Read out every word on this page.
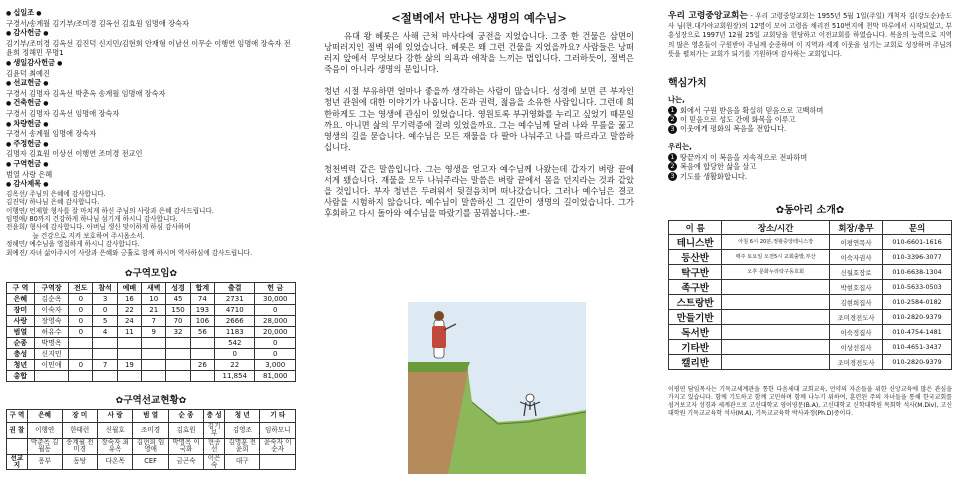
● 십일조 ●
구경서/송계월 김기부/조미경 김옥선 김효원 임명애 장숙자
● 감사헌금 ●
김기부/조미경 김옥선 김진덕 신지민/김현희 안재형 이남선 이무순 이행연 임명애 장숙자 전윤희 정해민 무명1
● 생일감사헌금 ●
김윤덕 최예진
● 선교헌금 ●
구경서 김명자 김옥선 박춘옥 송계월 임명애 장숙자
● 건축헌금 ●
구경서 김명자 김옥선 임명애 장숙자
● 차량헌금 ●
구경서 송계월 임명애 장숙자
● 주정헌금 ●
김명자 김효원 이상선 이행연 조미경 전교인
● 구역헌금 ●
범열 사랑 은혜
● 감사제목 ●
김옥선/ 주님의 은혜에 감사합니다.
김진덕/ 하나님 은혜 감사합니다.
이행연/ 언제할 형사를 잘 마치게 하신 주님의 사랑과 은혜 감사드립니다.
임명애/ 80까지 건강하게 하나님 섬기게 하시니 감사합니다.
전윤희/ 형사에 감사합니다. 아버님 생신 맞이하게 하심 감사하며
　　　　늘 건강으로 지켜 보호하여 주시옵소서.
정해민/ 예수님을 영접하게 하시니 감사합니다.
최예진/ 자녀 삶아주시어 사랑과 은혜와 긍휼로 함께 하시며 역사하심에 감사드립니다.
✿구역모임✿
구 역	구역장	전도	참석	예배	새벽	성경	합계	출결	헌 금
은혜	김순옥	0	3	16	10	45	74	2731	30,000
장미	이숙자	0	0	22	21	150	193	4710	0
사랑	장영숙	0	5	24	7	70	106	2666	28,000
범열	허유수	0	4	11	9	32	56	1183	20,000
순종	박명옥							542	0
충성	신지민							0	0
청년	이민애	0	7	19			26	22	3,000
총합								11,854	81,000
✿구역선교현황✿
구 역	은혜	장 미	사 랑	범 열	순 종	충 성	청 년	기 타
권 찰	이행연	한태런	신월호	조미경	김효원	김기부	김영조	임하모니
	박춘옥 김월동	송계월 전미경	장숙자 최유옥	김현희 임영애	박명옥 이국화	현종선	김명훈 전윤희	윤숙자 이순자
선교지	몽부	동탕	다온목	CEF	금곤숙	이은숙	대구	
<절벽에서 만나는 생명의 예수님>

유대 왕 헤롯은 사해 근처 마사다에 궁전을 지었습니다. 그중 한 건물은 삼면이 낭떠러지인 절벽 위에 있었습니다. 헤롯은 왜 그런 건물을 지었을까요? 사람들은 낭떠러지 앞에서 무엇보다 강한 삶의 의욕과 애착을 느끼는 법입니다. 그러하듯이, 절벽은 죽음이 아니라 생명의 문입니다.

청년 시절 부유하면 얼마나 좋을까 생각하는 사람이 많습니다. 성경에 보면 큰 부자인 청년 관원에 대한 이야기가 나옵니다. 돈과 권력, 젊음을 소유한 사람입니다. 그런데 희한하게도 그는 영생에 관심이 있었습니다. 영원토록 부귀영화를 누리고 싶었기 때문일까요. 아니면 삶의 무기력증에 걸려 있었을까요. 그는 예수님께 달려 나와 무릎을 꿇고 영생의 길을 묻습니다. 예수님은 모든 재물을 다 팔아 나눠주고 나를 따르라고 말씀하십니다.

청천벽력 같은 말씀입니다. 그는 영생을 얻고자 예수님께 나왔는데 갑자기 벼랑 끝에 서게 됐습니다. 재물을 모두 나눠주라는 말씀은 벼랑 끝에서 몸을 던지라는 것과 같았을 것입니다. 부자 청년은 두려워서 뒷걸음치며 떠나갔습니다. 그러나 예수님은 결코 사람을 시험하지 않습니다. 예수님이 말씀하신 그 길만이 생명의 길이었습니다. 그가 후회하고 다시 돌아와 예수님을 따랐기를 꿈꿔봅니다.-뽀-

우리 고령중앙교회는 - 우리 고령중앙교회는 1955년 5월 1일(주일) 개척자 김(강도순)송도사 님(현.대가야교회원장)의 12명이 모여 고령읍 채리전 510번지에 천막 마루에서 시작되었고, 부흥성장으로 1997년 12월 25일 교회당을 헌당하고 이전교회를 하였습니다. 복음의 능력으로 지역의 많은 영혼들이 구원받아 주님께 순종하며 이 지역과 세계 이웃을 섬기는 교회로 성장하며 주님의 뜻을 펼쳐가는 교회가 되기를 기원하며 감사하는 교회입니다.
핵심가치
나는,
1 회에서 구원 받음을 확실히 믿음으로 고백하며
2 이 믿음으로 성도 간에 화목을 이루고
3 이웃에게 평화의 복음을 전합니다.
우리는,
1 땅끝까지 이 복음을 지속적으로 전파하며
2 복음에 합당한 삶을 살고
3 기도를 생활화합니다.
✿동아리 소개✿
이 름	장소/시간	회장/총무	문의
테니스반	아침 6시 20분,정왕중앙테니스장	이평연목사	010-6601-1616
등산반	매주 토요일 오전5시 교회출발,부산	이숙자권사	010-3396-3077
탁구반	오후 문화누리탁구동호회	신월호장로	010-6638-1304
족구반		박현호집사	010-5633-0503
스트랑반		김현희집사	010-2584-0182
만들기반		조미경전도사	010-2820-9379
독서반		이숙정집사	010-4754-1481
기타반		이상선집사	010-4651-3437
캘리반		조미경전도사	010-2820-9379
이평연 담임목사는 기독교세계관을 통한 다음세대 교회교육, 언약의 자손들을 위한 신앙교육에 많은 관심을 가지고 있습니다. 함께 기도하고 함께 고민하며 함께 나누기 위하여, 훈련된 주의 자녀들을 통해 한국교회를 섬겨보고자 성경과 세계관으로 고신대학교 영어영문(B.A), 고신대학교 신학대학원 목회학 석사(M.Div), 고신대학원 기독교교육학 석사(M.A), 기독교교육학 박사과정(Ph.D)중이다.
